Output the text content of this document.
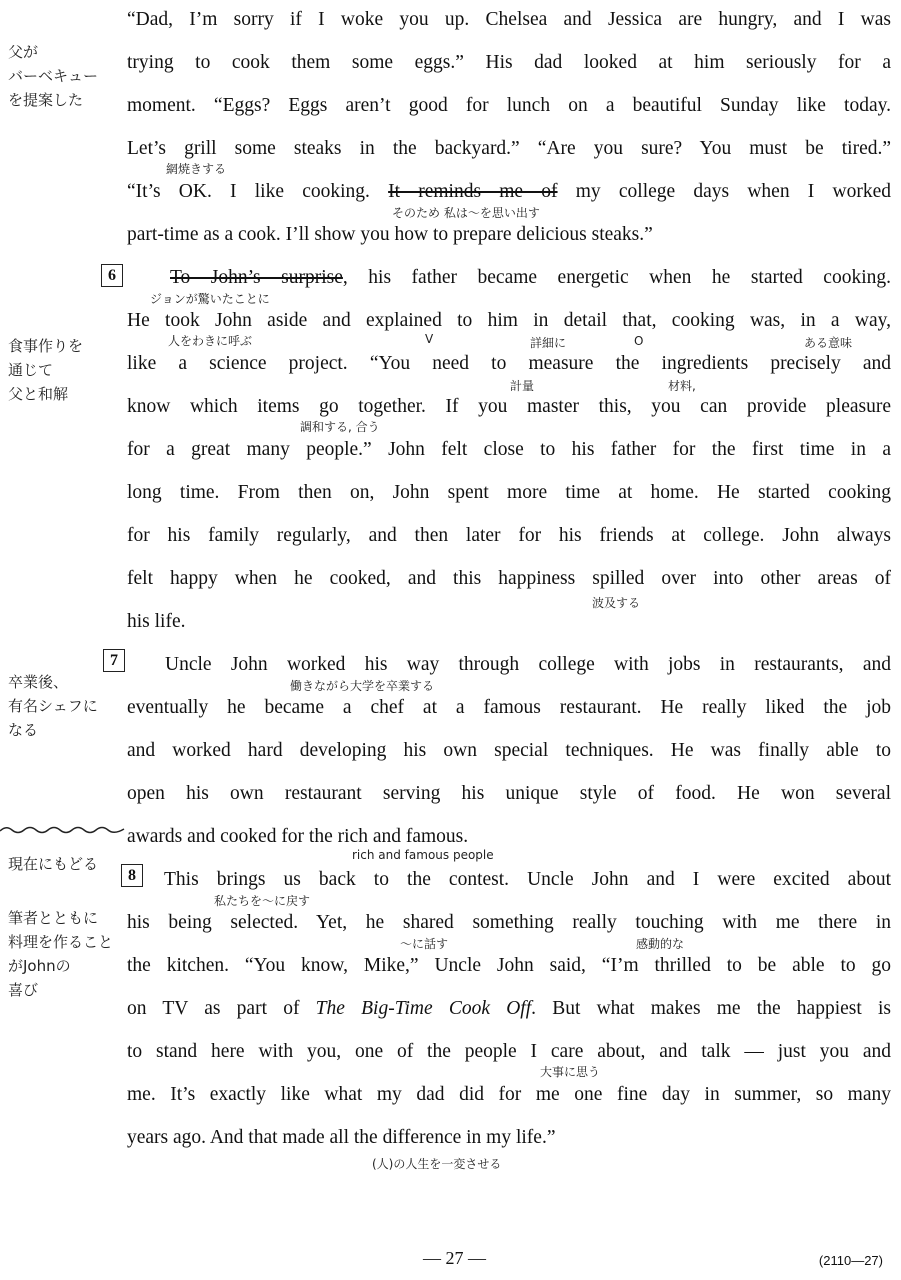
“Dad, I’m sorry if I woke you up. Chelsea and Jessica are hungry, and I was
trying to cook them some eggs.” His dad looked at him seriously for a
moment. “Eggs? Eggs aren’t good for lunch on a beautiful Sunday like today.
Let’s grill some steaks in the backyard.” “Are you sure? You must be tired.”
“It’s OK. I like cooking. It reminds me of my college days when I worked
part-time as a cook. I’ll show you how to prepare delicious steaks.”
To John’s surprise, his father became energetic when he started cooking.
He took John aside and explained to him in detail that, cooking was, in a way,
like a science project. “You need to measure the ingredients precisely and
know which items go together. If you master this, you can provide pleasure
for a great many people.” John felt close to his father for the first time in a
long time. From then on, John spent more time at home. He started cooking
for his family regularly, and then later for his friends at college. John always
felt happy when he cooked, and this happiness spilled over into other areas of
his life.
Uncle John worked his way through college with jobs in restaurants, and
eventually he became a chef at a famous restaurant. He really liked the job
and worked hard developing his own special techniques. He was finally able to
open his own restaurant serving his unique style of food. He won several
awards and cooked for the rich and famous.
This brings us back to the contest. Uncle John and I were excited about
his being selected. Yet, he shared something really touching with me there in
the kitchen. “You know, Mike,” Uncle John said, “I’m thrilled to be able to go
on TV as part of The Big-Time Cook Off. But what makes me the happiest is
to stand here with you, one of the people I care about, and talk — just you and
me. It’s exactly like what my dad did for me one fine day in summer, so many
years ago. And that made all the difference in my life.”
6
7
8
父が
バーベキュー
を提案した
食事作りを
通じて
父と和解
卒業後、
有名シェフに
なる
現在にもどる
筆者とともに
料理を作ること
がJohnの
喜び
網焼きする
そのため 私は〜を思い出す
ジョンが驚いたことに
人をわきに呼ぶ	V	詳細に	O	ある意味
計量	材料,
調和する, 合う
波及する
働きながら大学を卒業する
rich and famous people
私たちを〜に戻す
〜に話す	感動的な
大事に思う
(人)の人生を一変させる
— 27 —	(2110—27)
